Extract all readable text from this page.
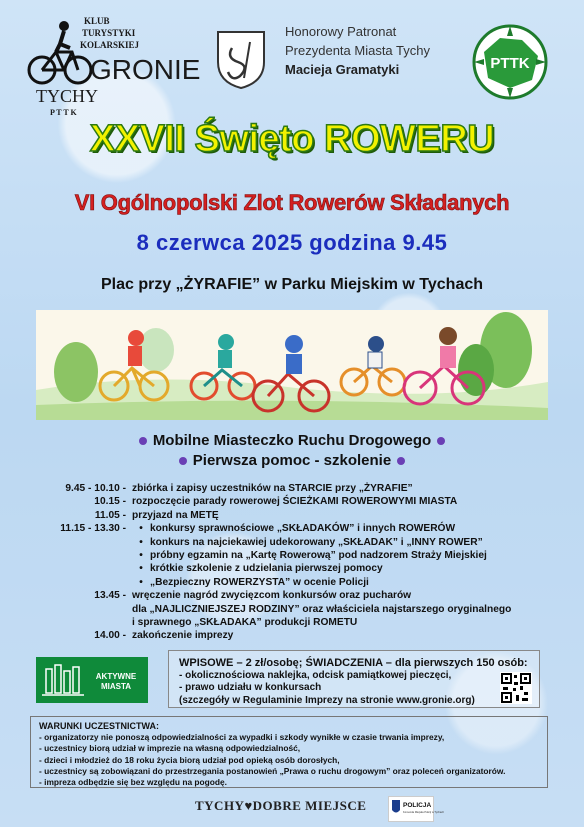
KLUB
TURYSTYKI
KOLARSKIEJ
GRONIE
TYCHY
P T T K
Honorowy Patronat
Prezydenta Miasta Tychy
Macieja Gramatyki	PTTK
XXVII Święto ROWERU
VI Ogólnopolski Zlot Rowerów Składanych
8 czerwca 2025 godzina 9.45
Plac przy „ŻYRAFIE” w Parku Miejskim w Tychach
Mobilne Miasteczko Ruchu Drogowego
Pierwsza pomoc - szkolenie
9.45 - 10.10 - zbiórka i zapisy uczestników na STARCIE przy „ŻYRAFIE”
10.15 - rozpoczęcie parady rowerowej ŚCIEŻKAMI ROWEROWYMI MIASTA
11.05 - przyjazd na METĘ
11.15 - 13.30 -	• konkursy sprawnościowe „SKŁADAKÓW” i innych ROWERÓW
• konkurs na najciekawiej udekorowany „SKŁADAK” i „INNY ROWER”
• próbny egzamin na „Kartę Rowerową” pod nadzorem Straży Miejskiej
• krótkie szkolenie z udzielania pierwszej pomocy
• „Bezpieczny ROWERZYSTA” w ocenie Policji
13.45 - wręczenie nagród zwycięzcom konkursów oraz pucharów
dla „NAJLICZNIEJSZEJ RODZINY” oraz właściciela najstarszego oryginalnego
i sprawnego „SKŁADAKA” produkcji ROMETU
14.00 - zakończenie imprezy
AKTYWNE
MIASTA
WPISOWE – 2 zł/osobę; ŚWIADCZENIA – dla pierwszych 150 osób:
- okolicznościowa naklejka, odcisk pamiątkowej pieczęci,
- prawo udziału w konkursach
(szczegóły w Regulaminie Imprezy na stronie www.gronie.org)
WARUNKI UCZESTNICTWA:
- organizatorzy nie ponoszą odpowiedzialności za wypadki i szkody wynikłe w czasie trwania imprezy,
- uczestnicy biorą udział w imprezie na własną odpowiedzialność,
- dzieci i młodzież do 18 roku życia biorą udział pod opieką osób dorosłych,
- uczestnicy są zobowiązani do przestrzegania postanowień „Prawa o ruchu drogowym” oraz poleceń organizatorów.
- impreza odbędzie się bez względu na pogodę.
TYCHY♥DOBRE MIEJSCE	POLICJA
Komenda Miejska Policji w Tychach
